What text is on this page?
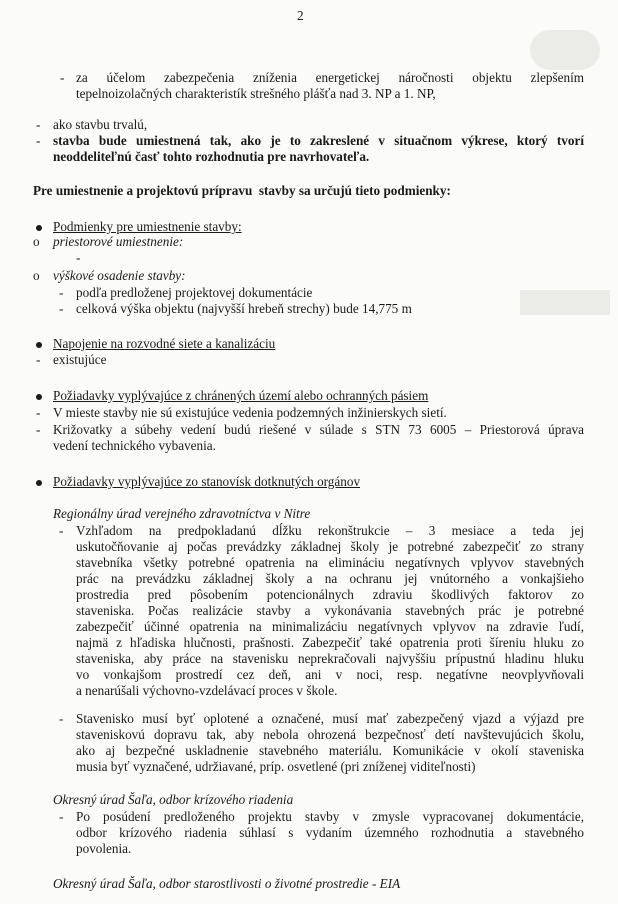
2
- za účelom zabezpečenia zníženia energetickej náročnosti objektu zlepšením
tepelnoizolačných charakteristík strešného plášťa nad 3. NP a 1. NP,
- ako stavbu trvalú,
- stavba bude umiestnená tak, ako je to zakreslené v situačnom výkrese, ktorý tvorí
neoddeliteľnú časť tohto rozhodnutia pre navrhovateľa.
Pre umiestnenie a projektovú prípravu  stavby sa určujú tieto podmienky:
Podmienky pre umiestnenie stavby:
o priestorové umiestnenie:
-
o výškové osadenie stavby:
- podľa predloženej projektovej dokumentácie
- celková výška objektu (najvyšší hrebeň strechy) bude 14,775 m
Napojenie na rozvodné siete a kanalizáciu
- existujúce
Požiadavky vyplývajúce z chránených území alebo ochranných pásiem
- V mieste stavby nie sú existujúce vedenia podzemných inžinierskych sietí.
- Križovatky a súbehy vedení budú riešené v súlade s STN 73 6005 – Priestorová úprava
vedení technického vybavenia.
Požiadavky vyplývajúce zo stanovísk dotknutých orgánov
Regionálny úrad verejného zdravotníctva v Nitre
- Vzhľadom na predpokladanú dĺžku rekonštrukcie – 3 mesiace a teda jej
uskutočňovanie aj počas prevádzky základnej školy je potrebné zabezpečiť zo strany
stavebníka všetky potrebné opatrenia na elimináciu negatívnych vplyvov stavebných
prác na prevádzku základnej školy a na ochranu jej vnútorného a vonkajšieho
prostredia pred pôsobením potencionálnych zdraviu škodlivých faktorov zo
staveniska. Počas realizácie stavby a vykonávania stavebných prác je potrebné
zabezpečiť účinné opatrenia na minimalizáciu negatívnych vplyvov na zdravie ľudí,
najmä z hľadiska hlučnosti, prašnosti. Zabezpečiť také opatrenia proti šíreniu hluku zo
staveniska, aby práce na stavenisku neprekračovali najvyššiu prípustnú hladinu hluku
vo vonkajšom prostredí cez deň, ani v noci, resp. negatívne neovplyvňovali
a nenarúšali výchovno-vzdelávací proces v škole.
- Stavenisko musí byť oplotené a označené, musí mať zabezpečený vjazd a výjazd pre
staveniskovú dopravu tak, aby nebola ohrozená bezpečnosť detí navštevujúcich školu,
ako aj bezpečné uskladnenie stavebného materiálu. Komunikácie v okolí staveniska
musia byť vyznačené, udržiavané, príp. osvetlené (pri zníženej viditeľnosti)
Okresný úrad Šaľa, odbor krízového riadenia
- Po posúdení predloženého projektu stavby v zmysle vypracovanej dokumentácie,
odbor krízového riadenia súhlasí s vydaním územného rozhodnutia a stavebného
povolenia.
Okresný úrad Šaľa, odbor starostlivosti o životné prostredie - EIA
